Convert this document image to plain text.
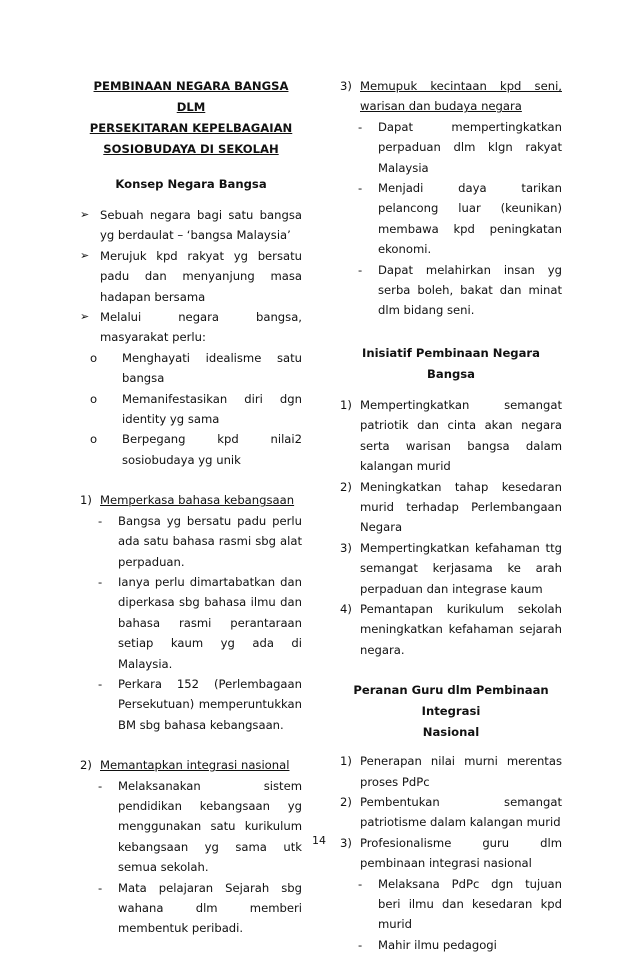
PEMBINAAN NEGARA BANGSA DLM
PERSEKITARAN KEPELBAGAIAN
SOSIOBUDAYA DI SEKOLAH
Konsep Negara Bangsa
➢ Sebuah negara bagi satu bangsa yg berdaulat – ‘bangsa Malaysia’
➢ Merujuk kpd rakyat yg bersatu padu dan menyanjung masa hadapan bersama
➢ Melalui negara bangsa, masyarakat perlu:
o Menghayati idealisme satu bangsa
o Memanifestasikan diri dgn identity yg sama
o Berpegang kpd nilai2 sosiobudaya yg unik
1) Memperkasa bahasa kebangsaan
- Bangsa yg bersatu padu perlu ada satu bahasa rasmi sbg alat perpaduan.
- Ianya perlu dimartabatkan dan diperkasa sbg bahasa ilmu dan bahasa rasmi perantaraan setiap kaum yg ada di Malaysia.
- Perkara 152 (Perlembagaan Persekutuan) memperuntukkan BM sbg bahasa kebangsaan.
2) Memantapkan integrasi nasional
- Melaksanakan sistem pendidikan kebangsaan yg menggunakan satu kurikulum kebangsaan yg sama utk semua sekolah.
- Mata pelajaran Sejarah sbg wahana dlm memberi membentuk peribadi.
3) Memupuk kecintaan kpd seni, warisan dan budaya negara
- Dapat mempertingkatkan perpaduan dlm klgn rakyat Malaysia
- Menjadi daya tarikan pelancong luar (keunikan) membawa kpd peningkatan ekonomi.
- Dapat melahirkan insan yg serba boleh, bakat dan minat dlm bidang seni.
Inisiatif Pembinaan Negara Bangsa
1) Mempertingkatkan semangat patriotik dan cinta akan negara serta warisan bangsa dalam kalangan murid
2) Meningkatkan tahap kesedaran murid terhadap Perlembangaan Negara
3) Mempertingkatkan kefahaman ttg semangat kerjasama ke arah perpaduan dan integrase kaum
4) Pemantapan kurikulum sekolah meningkatkan kefahaman sejarah negara.
Peranan Guru dlm Pembinaan Integrasi
Nasional
1) Penerapan nilai murni merentas proses PdPc
2) Pembentukan semangat patriotisme dalam kalangan murid
3) Profesionalisme guru dlm pembinaan integrasi nasional
- Melaksana PdPc dgn tujuan beri ilmu dan kesedaran kpd murid
- Mahir ilmu pedagogi
14
